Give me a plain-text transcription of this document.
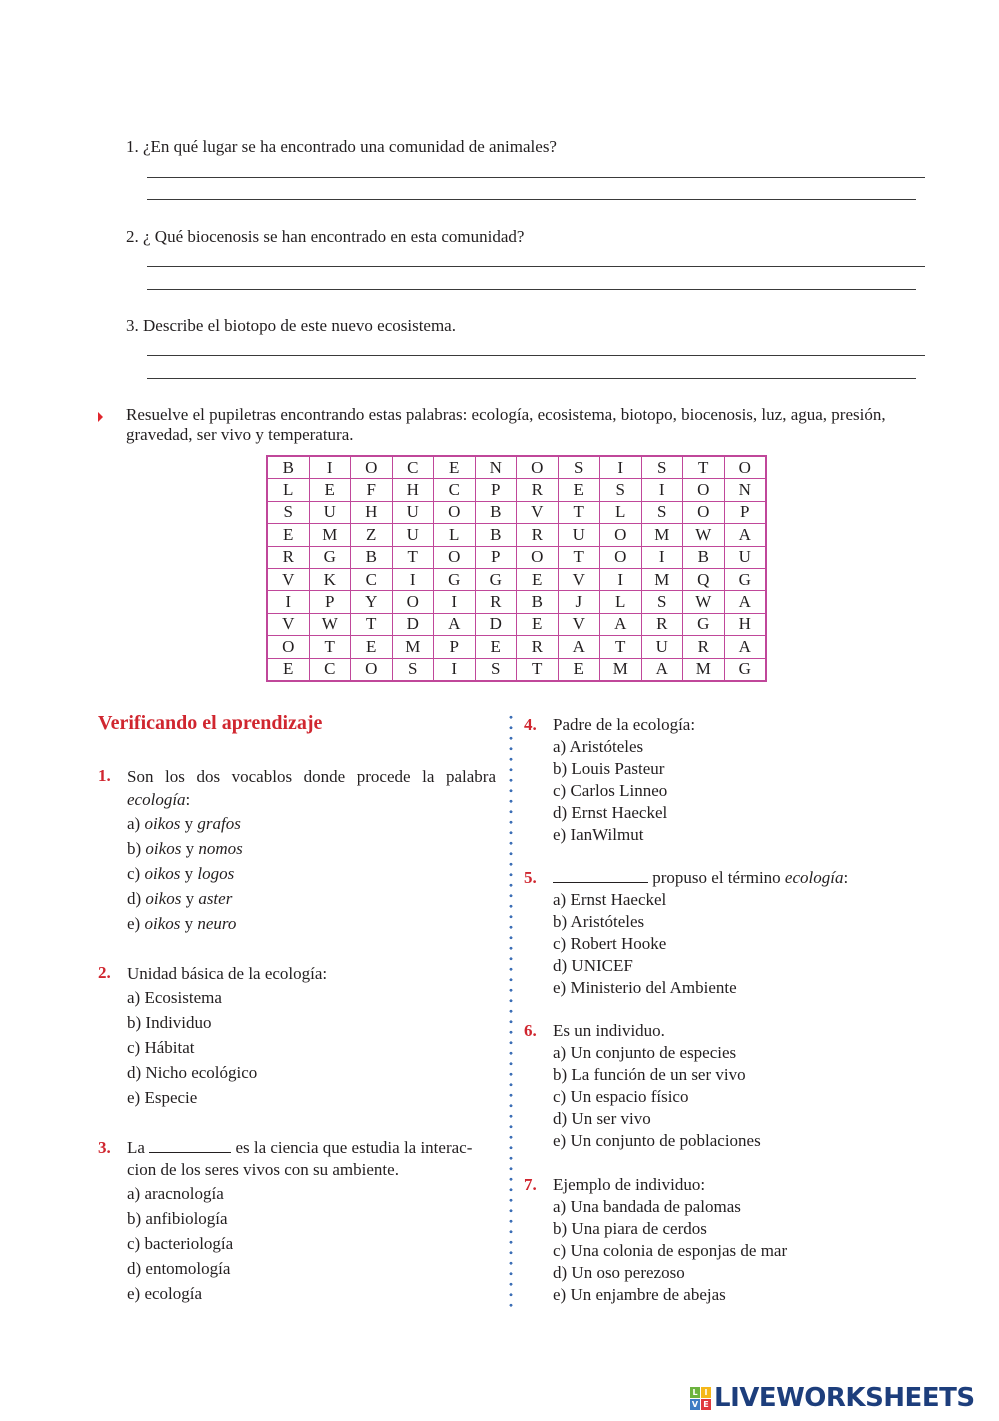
1. ¿En qué lugar se ha encontrado una comunidad de animales?
2. ¿ Qué biocenosis se han encontrado en esta comunidad?
3. Describe el biotopo de este nuevo ecosistema.
Resuelve el pupiletras encontrando estas palabras: ecología, ecosistema, biotopo, biocenosis, luz, agua, presión, gravedad, ser vivo y temperatura.
B	I	O	C	E	N	O	S	I	S	T	O
L	E	F	H	C	P	R	E	S	I	O	N
S	U	H	U	O	B	V	T	L	S	O	P
E	M	Z	U	L	B	R	U	O	M	W	A
R	G	B	T	O	P	O	T	O	I	B	U
V	K	C	I	G	G	E	V	I	M	Q	G
I	P	Y	O	I	R	B	J	L	S	W	A
V	W	T	D	A	D	E	V	A	R	G	H
O	T	E	M	P	E	R	A	T	U	R	A
E	C	O	S	I	S	T	E	M	A	M	G
Verificando el aprendizaje
1. Son los dos vocablos donde procede la palabra
ecología:
a) oikos y grafos
b) oikos y nomos
c) oikos y logos
d) oikos y aster
e) oikos y neuro
2. Unidad básica de la ecología:
a) Ecosistema
b) Individuo
c) Hábitat
d) Nicho ecológico
e) Especie
3. La	es la ciencia que estudia la interac-
cion de los seres vivos con su ambiente.
a) aracnología
b) anfibiología
c) bacteriología
d) entomología
e) ecología
4. Padre de la ecología:
a) Aristóteles
b) Louis Pasteur
c) Carlos Linneo
d) Ernst Haeckel
e) IanWilmut
5.	propuso el término ecología:
a) Ernst Haeckel
b) Aristóteles
c) Robert Hooke
d) UNICEF
e) Ministerio del Ambiente
6. Es un individuo.
a) Un conjunto de especies
b) La función de un ser vivo
c) Un espacio físico
d) Un ser vivo
e) Un conjunto de poblaciones
7. Ejemplo de individuo:
a) Una bandada de palomas
b) Una piara de cerdos
c) Una colonia de esponjas de mar
d) Un oso perezoso
e) Un enjambre de abejas
L I
V E LIVEWORKSHEETS
